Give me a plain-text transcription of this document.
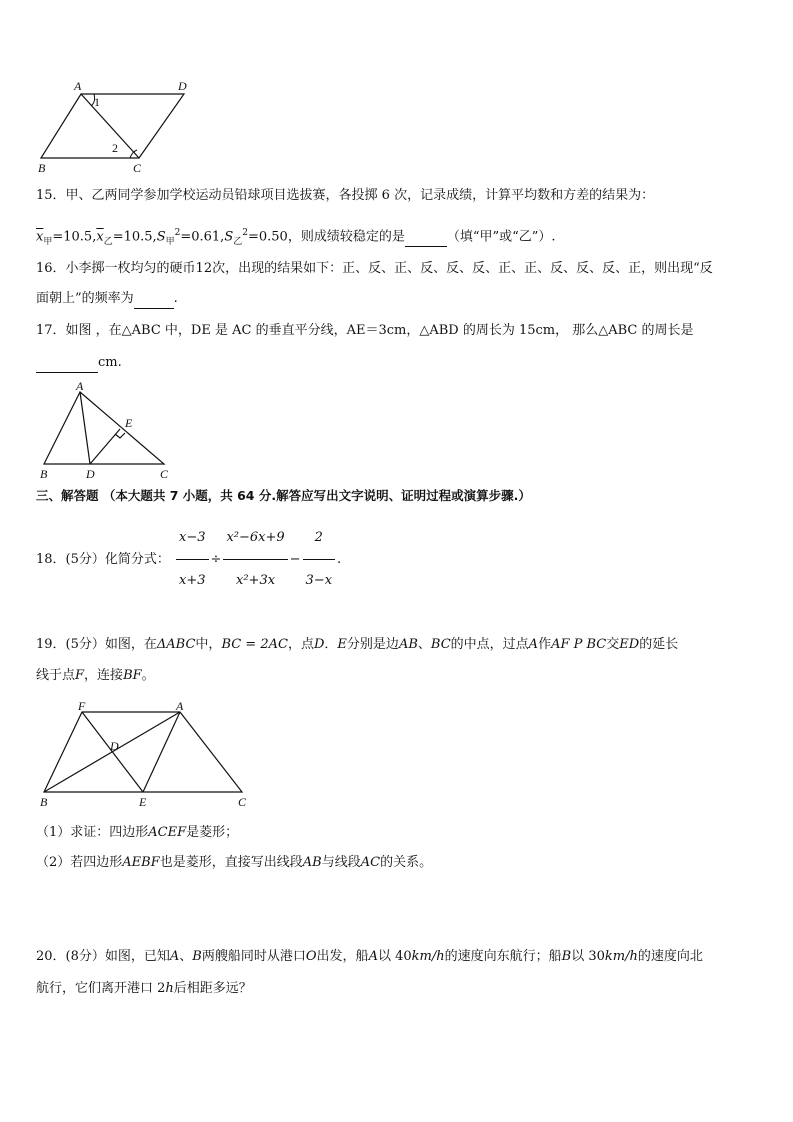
A	D
B	C
1
2
15．甲、乙两同学参加学校运动员铅球项目选拔赛，各投掷 6 次，记录成绩，计算平均数和方差的结果为：
$\overline{x}_甲=10.5,\overline{x}_乙=10.5,S_甲^2=0.61,S_乙^2=0.50$，则成绩较稳定的是	（填“甲”或“乙”）.
16．小李掷一枚均匀的硬币12次，出现的结果如下：正、反、正、反、反、反、正、正、反、反、反、正，则出现“反
面朝上”的频率为	.
17．如图 ，在△ABC 中，DE 是 AC 的垂直平分线，AE＝3cm，△ABD 的周长为 15cm， 那么△ABC 的周长是
cm.
A
E
B	D	C
三、解答题 （本大题共 7 小题，共 64 分.解答应写出文字说明、证明过程或演算步骤.）
18．(5分）化简分式： $\frac{x-3}{x+3} \div \frac{\text{x²−6x+9}}{\text{x²+3x}} - \frac{2}{3-x}$ .
19．(5分）如图，在ΔABC中，BC = 2AC，点D．E分别是边AB、BC的中点，过点A作AF P BC交ED的延长
线于点F，连接BF。
F	A
D
B	E	C
（1）求证：四边形ACEF是菱形；
（2）若四边形AEBF也是菱形，直接写出线段AB与线段AC的关系。
20．(8分）如图，已知A、B两艘船同时从港口O出发，船A以 40km/h的速度向东航行；船B以 30km/h的速度向北
航行，它们离开港口 2h后相距多远？
